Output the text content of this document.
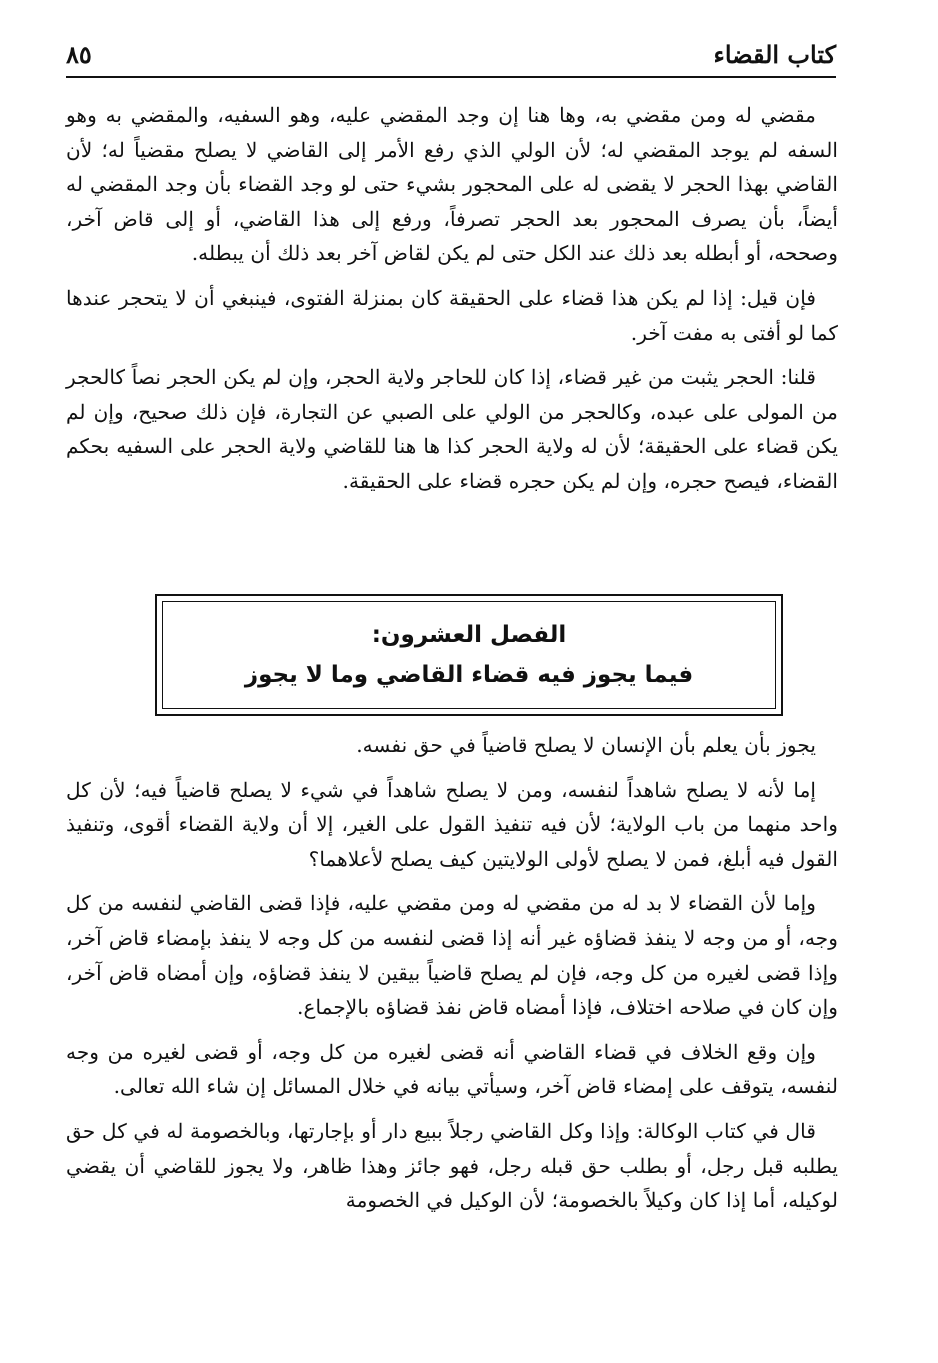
كتاب القضاء
٨٥

مقضي له ومن مقضي به، وها هنا إن وجد المقضي عليه، وهو السفيه، والمقضي به وهو السفه لم يوجد المقضي له؛ لأن الولي الذي رفع الأمر إلى القاضي لا يصلح مقضياً له؛ لأن القاضي بهذا الحجر لا يقضى له على المحجور بشيء حتى لو وجد القضاء بأن وجد المقضي له أيضاً، بأن يصرف المحجور بعد الحجر تصرفاً، ورفع إلى هذا القاضي، أو إلى قاض آخر، وصححه، أو أبطله بعد ذلك عند الكل حتى لم يكن لقاض آخر بعد ذلك أن يبطله.

فإن قيل: إذا لم يكن هذا قضاء على الحقيقة كان بمنزلة الفتوى، فينبغي أن لا يتحجر عندها كما لو أفتى به مفت آخر.

قلنا: الحجر يثبت من غير قضاء، إذا كان للحاجر ولاية الحجر، وإن لم يكن الحجر نصاً كالحجر من المولى على عبده، وكالحجر من الولي على الصبي عن التجارة، فإن ذلك صحيح، وإن لم يكن قضاء على الحقيقة؛ لأن له ولاية الحجر كذا ها هنا للقاضي ولاية الحجر على السفيه بحكم القضاء، فيصح حجره، وإن لم يكن حجره قضاء على الحقيقة.

الفصل العشرون:
فيما يجوز فيه قضاء القاضي وما لا يجوز

يجوز بأن يعلم بأن الإنسان لا يصلح قاضياً في حق نفسه.

إما لأنه لا يصلح شاهداً لنفسه، ومن لا يصلح شاهداً في شيء لا يصلح قاضياً فيه؛ لأن كل واحد منهما من باب الولاية؛ لأن فيه تنفيذ القول على الغير، إلا أن ولاية القضاء أقوى، وتنفيذ القول فيه أبلغ، فمن لا يصلح لأولى الولايتين كيف يصلح لأعلاهما؟

وإما لأن القضاء لا بد له من مقضي له ومن مقضي عليه، فإذا قضى القاضي لنفسه من كل وجه، أو من وجه لا ينفذ قضاؤه غير أنه إذا قضى لنفسه من كل وجه لا ينفذ بإمضاء قاض آخر، وإذا قضى لغيره من كل وجه، فإن لم يصلح قاضياً بيقين لا ينفذ قضاؤه، وإن أمضاه قاض آخر، وإن كان في صلاحه اختلاف، فإذا أمضاه قاض نفذ قضاؤه بالإجماع.

وإن وقع الخلاف في قضاء القاضي أنه قضى لغيره من كل وجه، أو قضى لغيره من وجه لنفسه، يتوقف على إمضاء قاض آخر، وسيأتي بيانه في خلال المسائل إن شاء الله تعالى.

قال في كتاب الوكالة: وإذا وكل القاضي رجلاً ببيع دار أو بإجارتها، وبالخصومة له في كل حق يطلبه قبل رجل، أو بطلب حق قبله رجل، فهو جائز وهذا ظاهر، ولا يجوز للقاضي أن يقضي لوكيله، أما إذا كان وكيلاً بالخصومة؛ لأن الوكيل في الخصومة
